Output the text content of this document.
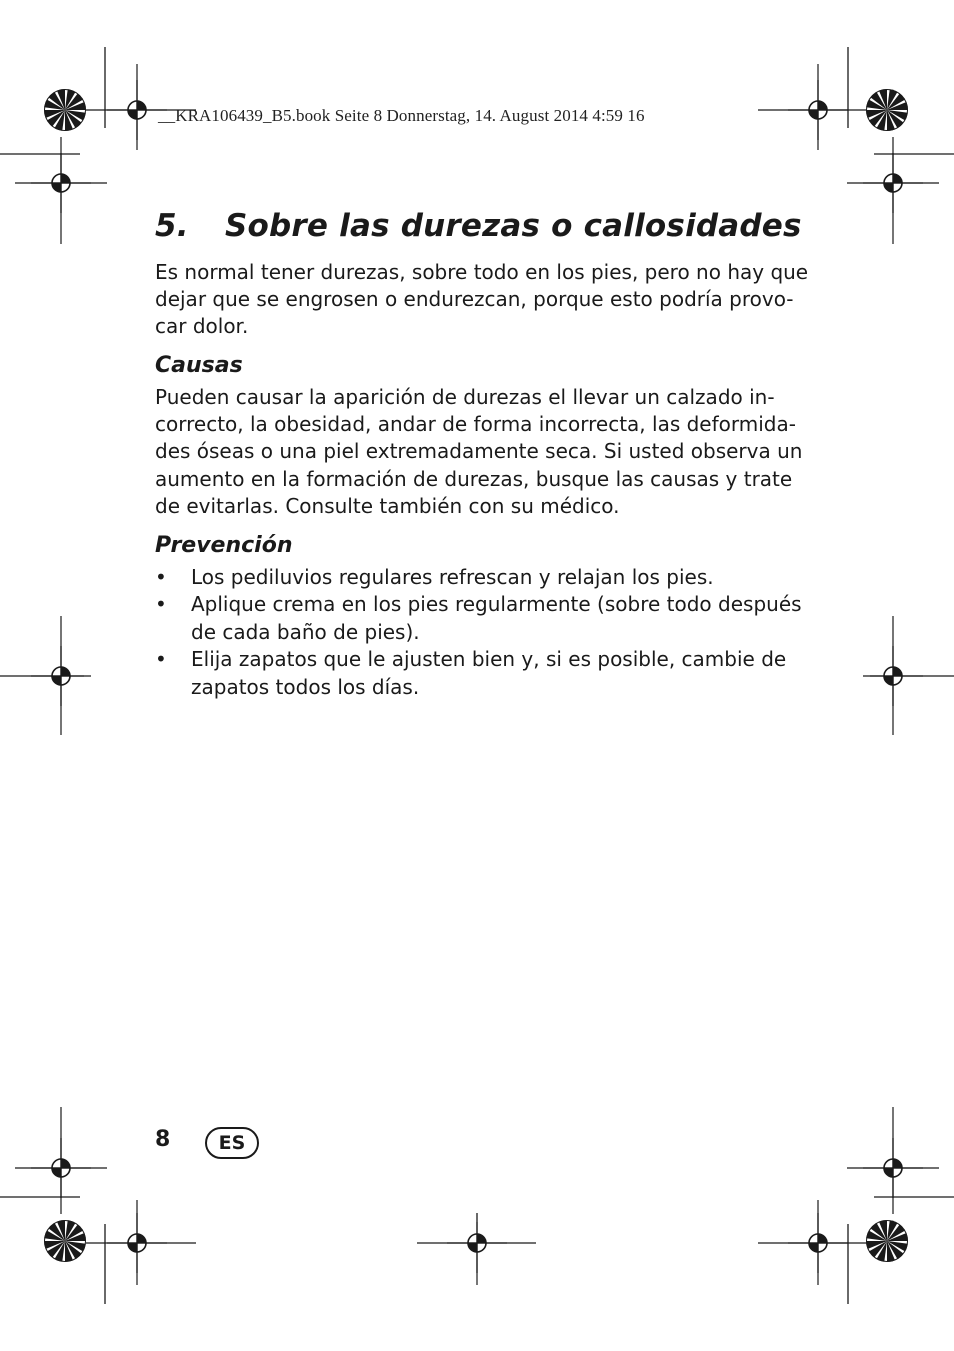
__KRA106439_B5.book Seite 8 Donnerstag, 14. August 2014 4:59 16
5. Sobre las durezas o callosidades

Es normal tener durezas, sobre todo en los pies, pero no hay que
dejar que se engrosen o endurezcan, porque esto podría provo-
car dolor.

Causas

Pueden causar la aparición de durezas el llevar un calzado in-
correcto, la obesidad, andar de forma incorrecta, las deformida-
des óseas o una piel extremadamente seca. Si usted observa un
aumento en la formación de durezas, busque las causas y trate
de evitarlas. Consulte también con su médico.

Prevención
• Los pediluvios regulares refrescan y relajan los pies.
• Aplique crema en los pies regularmente (sobre todo después
de cada baño de pies).
• Elija zapatos que le ajusten bien y, si es posible, cambie de
zapatos todos los días.
8	ES
